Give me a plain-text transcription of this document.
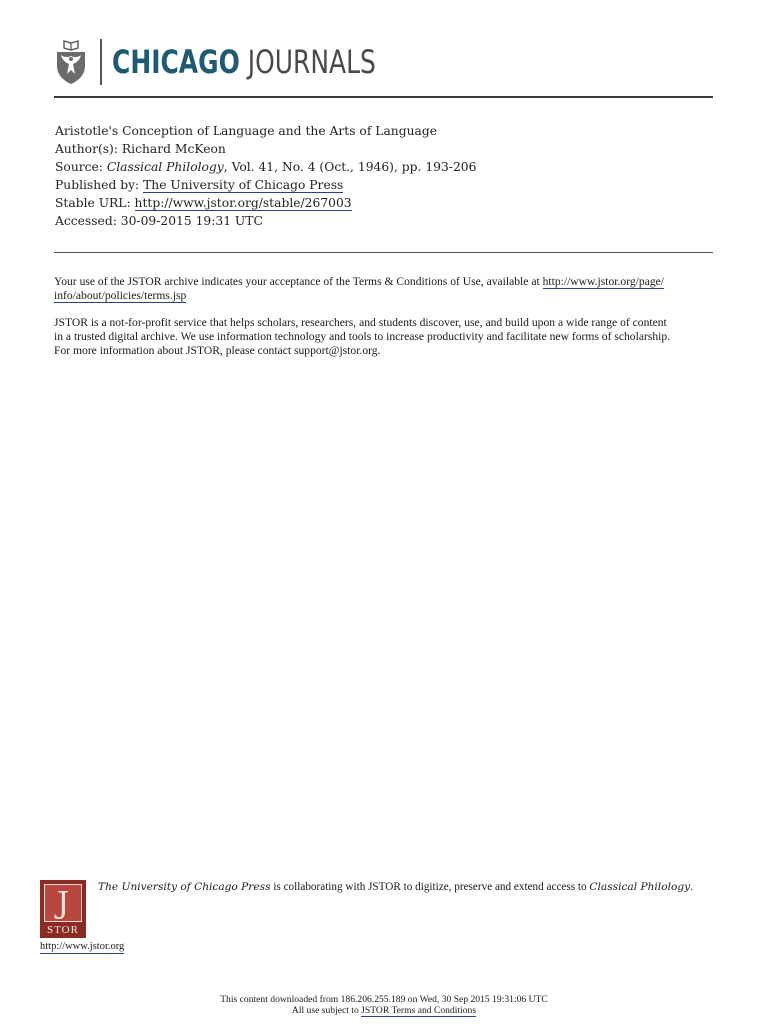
CHICAGO JOURNALS
Aristotle's Conception of Language and the Arts of Language
Author(s): Richard McKeon
Source: Classical Philology, Vol. 41, No. 4 (Oct., 1946), pp. 193-206
Published by: The University of Chicago Press
Stable URL: http://www.jstor.org/stable/267003
Accessed: 30-09-2015 19:31 UTC

Your use of the JSTOR archive indicates your acceptance of the Terms & Conditions of Use, available at http://www.jstor.org/page/
info/about/policies/terms.jsp

JSTOR is a not-for-profit service that helps scholars, researchers, and students discover, use, and build upon a wide range of content
in a trusted digital archive. We use information technology and tools to increase productivity and facilitate new forms of scholarship.
For more information about JSTOR, please contact support@jstor.org.

J
STOR
The University of Chicago Press is collaborating with JSTOR to digitize, preserve and extend access to Classical Philology.
http://www.jstor.org
This content downloaded from 186.206.255.189 on Wed, 30 Sep 2015 19:31:06 UTC
All use subject to JSTOR Terms and Conditions
